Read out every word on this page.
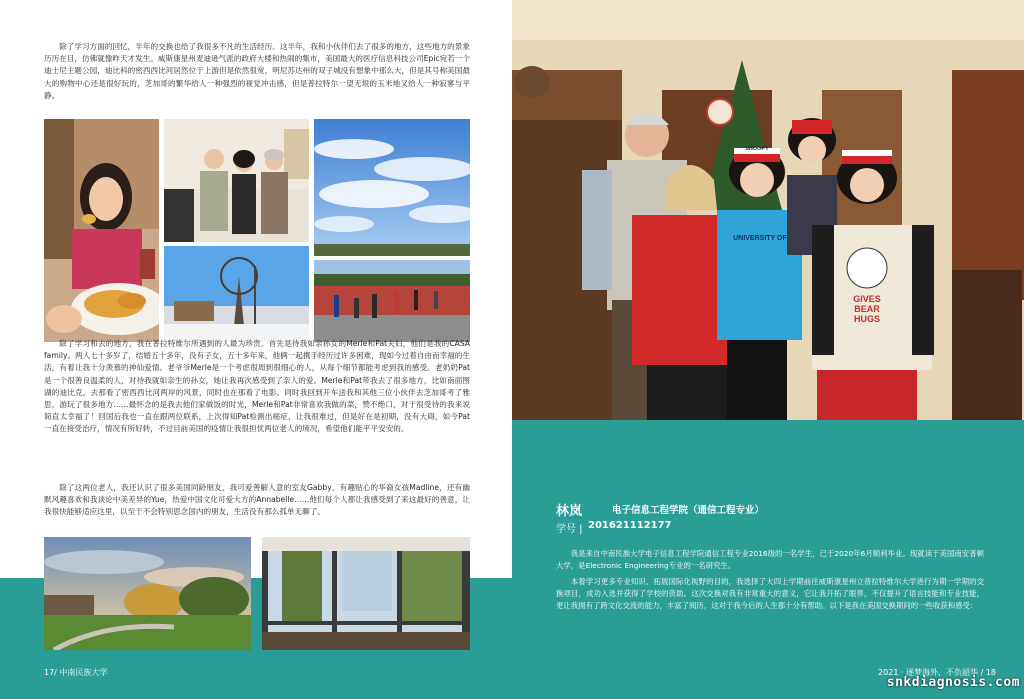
除了学习方面的回忆，半年的交换也给了我很多不凡的生活经历。这半年，我和小伙伴们去了很多的地方，这些地方的景象历历在目，仿佛就像昨天才发生。威斯康星州麦迪逊气派的政府大楼和热闹的集市，美国最大的医疗信息科技公司Epic宛若一个迪士尼主题公园，迪比科的密西西比河居然位于上游但是依然很宽，明尼苏达州的双子城没有想象中那么大，但是其号称美国最大的购物中心还是很好玩的，芝加哥的繁华给人一种强烈的视觉冲击感，但是普拉特尔一望无垠的玉米地又给人一种寂寥与平静。

除了学习和去的地方，我在普拉特维尔所遇到的人最为珍贵。首先是待我如亲孙女的Merle和Pat夫妇，他们是我的CASA family。两人七十多岁了，结婚五十多年，没有子女，五十多年来，他俩一起携手经历过许多困难，现如今过着自由而幸福的生活，有着让我十分羡慕的神仙爱情。老爷爷Merle是一个考虑很周到很细心的人，从每个细节都能考虑到我的感受。老奶奶Pat是一个很善良温柔的人，对待我就如亲生的孙女，她让我再次感受到了亲人的爱。Merle和Pat带我去了很多地方，比如南面图湖的迪比克，去那看了密西西比河两岸的风景，同时也在那看了电影。同时我回到开车送我和其他三位小伙伴去芝加哥考了雅思，游玩了很多地方……最怀念的是我去他们家做饭的时光，Merle和Pat非常喜欢我做的菜，赞不绝口，对于很受待的我来说简直太幸福了！回国后我也一直在跟两位联系，上次得知Pat检测出癌症，让我很难过，但是好在是初期，没有大碍，如今Pat一直在接受治疗，情况有所好转，不过目前美国的疫情让我很担忧两位老人的境况，希望他们能平平安安的。

除了这两位老人，我还认识了很多美国同龄朋友，我可爱善解人意的室友Gabby，有趣贴心的华裔女孩Madline，还有幽默风趣喜欢和我谈论中美差异的Yue，热爱中国文化可爱大方的Annabelle……他们每个人都让我感受到了来这最好的善意，让我很快能够适应这里，以至于不会特别思念国内的朋友，生活没有那么孤单无聊了。

17/ 中南民族大学
GIVES
BEAR
HUGS
UNIVERSITY OF
SNOOPY
林岚	电子信息工程学院（通信工程专业）
学号 | 201621112177

我是来自中南民族大学电子信息工程学院通信工程专业2016级的一名学生，已于2020年6月顺利毕业。现就读于美国南安普顿大学，是Electronic Engineering专业的一名研究生。

本着学习更多专业知识、拓展国际化视野的目的，我选择了大四上学期前往威斯康星州立普拉特维尔大学进行为期一学期的交换项目，成功入选并获得了学校的资助。这次交换对我有非常重大的意义，它让我开拓了眼界，不仅提升了语言技能和专业技能，更让我拥有了跨文化交流的能力，丰富了阅历，这对于我今后的人生都十分有帮助。以下是我在美国交换期间的一些收获和感受：

2021 · 逐梦海外，不负韶华 / 18
snkdiagnosis.com
